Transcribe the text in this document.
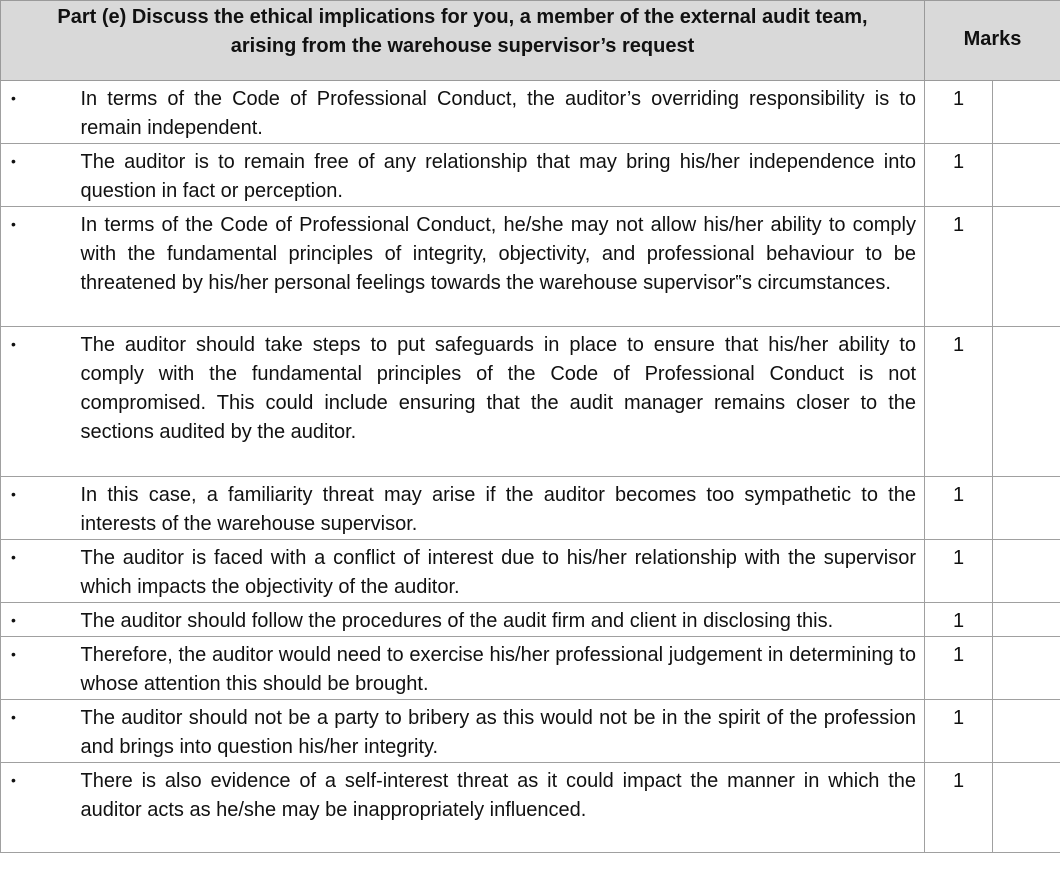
Part (e) Discuss the ethical implications for you, a member of the external audit team,
arising from the warehouse supervisor’s request		Marks	
•	In terms of the Code of Professional Conduct, the auditor’s overriding responsibility is to remain independent.	1	
•	The auditor is to remain free of any relationship that may bring his/her independence into question in fact or perception.	1	
•	In terms of the Code of Professional Conduct, he/she may not allow his/her ability to comply with the fundamental principles of integrity, objectivity, and professional behaviour to be threatened by his/her personal feelings towards the warehouse supervisor‟s circumstances.	1	
•	The auditor should take steps to put safeguards in place to ensure that his/her ability to comply with the fundamental principles of the Code of Professional Conduct is not compromised. This could include ensuring that the audit manager remains closer to the sections audited by the auditor.	1	
•	In this case, a familiarity threat may arise if the auditor becomes too sympathetic to the interests of the warehouse supervisor.	1	
•	The auditor is faced with a conflict of interest due to his/her relationship with the supervisor which impacts the objectivity of the auditor.	1	
•	The auditor should follow the procedures of the audit firm and client in disclosing this.	1	
•	Therefore, the auditor would need to exercise his/her professional judgement in determining to whose attention this should be brought.	1	
•	The auditor should not be a party to bribery as this would not be in the spirit of the profession and brings into question his/her integrity.	1	
•	There is also evidence of a self-interest threat as it could impact the manner in which the auditor acts as he/she may be inappropriately influenced.	1	
